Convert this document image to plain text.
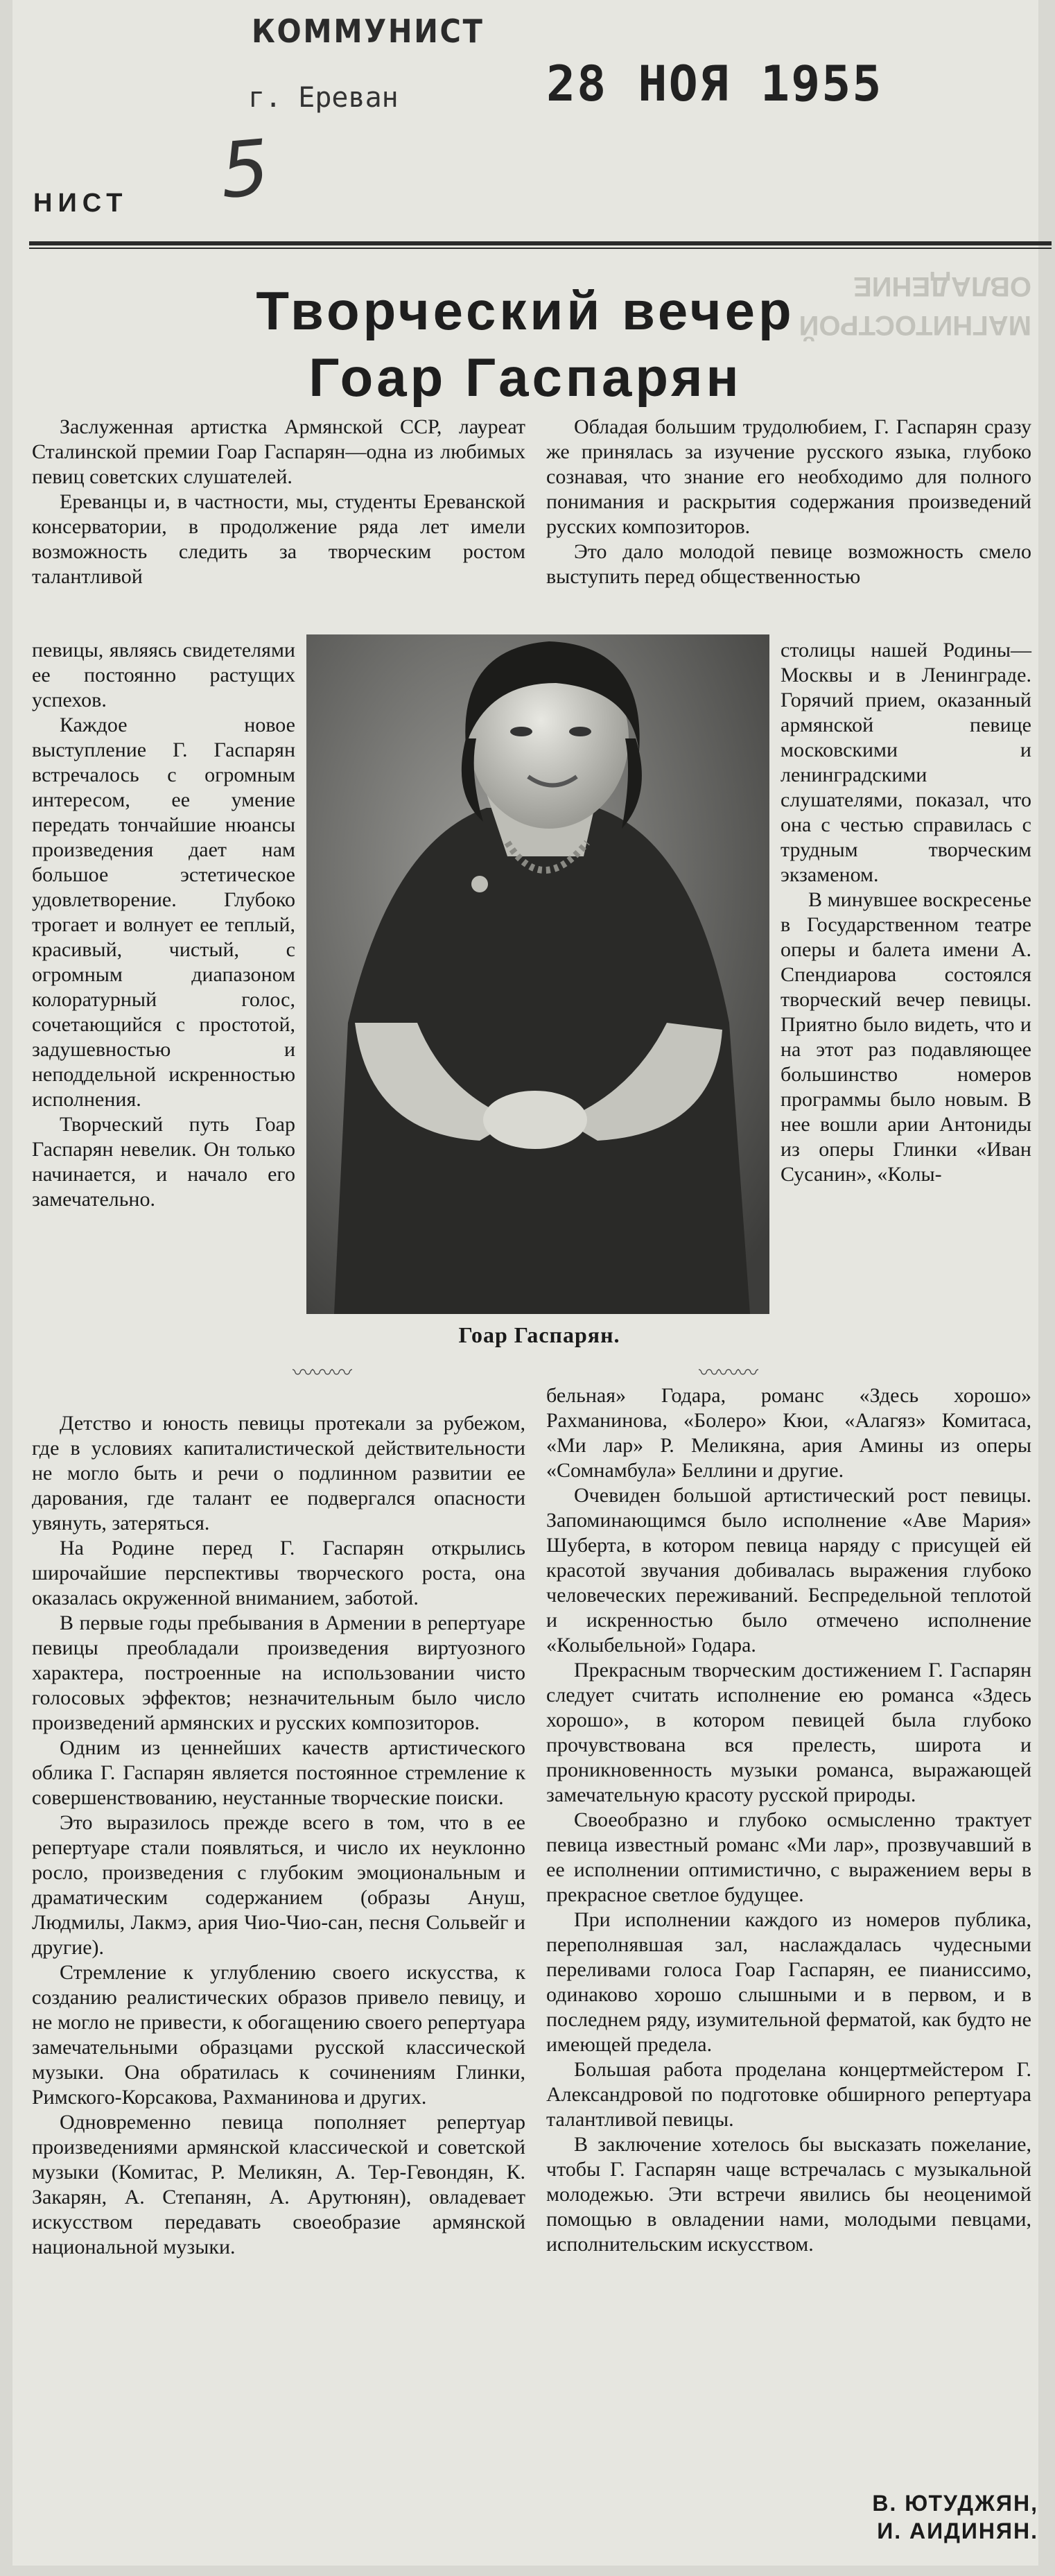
КОММУНИСТ
г. Ереван	28 НОЯ 1955
5
НИСТ
МАГНИТОСТРОЙ ОВЛАДЕНИЕ
Творческий вечер
Гоар Гаспарян

Заслуженная артистка Армянской ССР, лауреат Сталинской премии Гоар Гаспарян—одна из любимых певиц советских слушателей.

Ереванцы и, в частности, мы, студенты Ереванской консерватории, в продолжение ряда лет имели возможность следить за творческим ростом талантливой

певицы, являясь свидетелями ее постоянно растущих успехов.

Каждое новое выступление Г. Гаспарян встречалось с огромным интересом, ее умение передать тончайшие нюансы произведения дает нам большое эстетическое удовлетворение. Глубоко трогает и волнует ее теплый, красивый, чистый, с огромным диапазоном колоратурный голос, сочетающийся с простотой, задушевностью и неподдельной искренностью исполнения.

Творческий путь Гоар Гаспарян невелик. Он только начинается, и начало его замечательно.

Детство и юность певицы протекали за рубежом, где в условиях капиталистической действительности не могло быть и речи о подлинном развитии ее дарования, где талант ее подвергался опасности увянуть, затеряться.

На Родине перед Г. Гаспарян открылись широчайшие перспективы творческого роста, она оказалась окруженной вниманием, заботой.

В первые годы пребывания в Армении в репертуаре певицы преобладали произведения виртуозного характера, построенные на использовании чисто голосовых эффектов; незначительным было число произведений армянских и русских композиторов.

Одним из ценнейших качеств артистического облика Г. Гаспарян является постоянное стремление к совершенствованию, неустанные творческие поиски.

Это выразилось прежде всего в том, что в ее репертуаре стали появляться, и число их неуклонно росло, произведения с глубоким эмоциональным и драматическим содержанием (образы Ануш, Людмилы, Лакмэ, ария Чио-Чио-сан, песня Сольвейг и другие).

Стремление к углублению своего искусства, к созданию реалистических образов привело певицу, и не могло не привести, к обогащению своего репертуара замечательными образцами русской классической музыки. Она обратилась к сочинениям Глинки, Римского-Корсакова, Рахманинова и других.

Одновременно певица пополняет репертуар произведениями армянской классической и советской музыки (Комитас, Р. Меликян, А. Тер-Гевондян, К. Закарян, А. Степанян, А. Арутюнян), овладевает искусством передавать своеобразие армянской национальной музыки.

Обладая большим трудолюбием, Г. Гаспарян сразу же принялась за изучение русского языка, глубоко сознавая, что знание его необходимо для полного понимания и раскрытия содержания произведений русских композиторов.

Это дало молодой певице возможность смело выступить перед общественностью

столицы нашей Родины—Москвы и в Ленинграде. Горячий прием, оказанный армянской певице московскими и ленинградскими слушателями, показал, что она с честью справилась с трудным творческим экзаменом.

В минувшее воскресенье в Государственном театре оперы и балета имени А. Спендиарова состоялся творческий вечер певицы. Приятно было видеть, что и на этот раз подавляющее большинство номеров программы было новым. В нее вошли арии Антониды из оперы Глинки «Иван Сусанин», «Колы-

бельная» Годара, романс «Здесь хорошо» Рахманинова, «Болеро» Кюи, «Алагяз» Комитаса, «Ми лар» Р. Меликяна, ария Амины из оперы «Сомнамбула» Беллини и другие.

Очевиден большой артистический рост певицы. Запоминающимся было исполнение «Аве Мария» Шуберта, в котором певица наряду с присущей ей красотой звучания добивалась выражения глубоко человеческих переживаний. Беспредельной теплотой и искренностью было отмечено исполнение «Колыбельной» Годара.

Прекрасным творческим достижением Г. Гаспарян следует считать исполнение ею романса «Здесь хорошо», в котором певицей была глубоко прочувствована вся прелесть, широта и проникновенность музыки романса, выражающей замечательную красоту русской природы.

Своеобразно и глубоко осмысленно трактует певица известный романс «Ми лар», прозвучавший в ее исполнении оптимистично, с выражением веры в прекрасное светлое будущее.

При исполнении каждого из номеров публика, переполнявшая зал, наслаждалась чудесными переливами голоса Гоар Гаспарян, ее пианиссимо, одинаково хорошо слышными и в первом, и в последнем ряду, изумительной ферматой, как будто не имеющей предела.

Большая работа проделана концертмейстером Г. Александровой по подготовке обширного репертуара талантливой певицы.

В заключение хотелось бы высказать пожелание, чтобы Г. Гаспарян чаще встречалась с музыкальной молодежью. Эти встречи явились бы неоценимой помощью в овладении нами, молодыми певцами, исполнительским искусством.

Гоар Гаспарян.
〰〰〰	〰〰〰
В. ЮТУДЖЯН,
И. АИДИНЯН.
